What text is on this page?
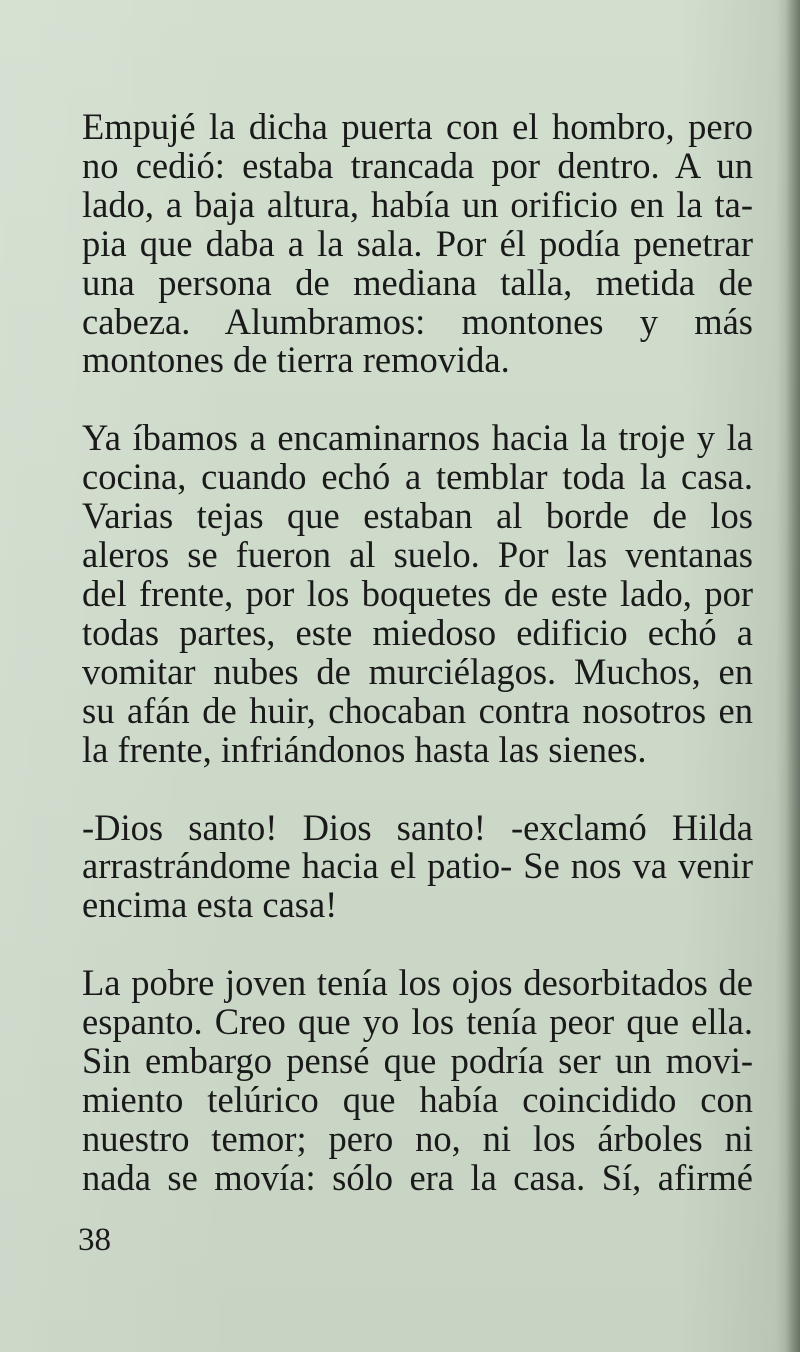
Empujé la dicha puerta con el hombro, pero
no cedió: estaba trancada por dentro. A un
lado, a baja altura, había un orificio en la ta-
pia que daba a la sala. Por él podía penetrar
una persona de mediana talla, metida de
cabeza. Alumbramos: montones y más
montones de tierra removida.

Ya íbamos a encaminarnos hacia la troje y la
cocina, cuando echó a temblar toda la casa.
Varias tejas que estaban al borde de los
aleros se fueron al suelo. Por las ventanas
del frente, por los boquetes de este lado, por
todas partes, este miedoso edificio echó a
vomitar nubes de murciélagos. Muchos, en
su afán de huir, chocaban contra nosotros en
la frente, infriándonos hasta las sienes.

-Dios santo! Dios santo! -exclamó Hilda
arrastrándome hacia el patio- Se nos va venir
encima esta casa!

La pobre joven tenía los ojos desorbitados de
espanto. Creo que yo los tenía peor que ella.
Sin embargo pensé que podría ser un movi-
miento telúrico que había coincidido con
nuestro temor; pero no, ni los árboles ni
nada se movía: sólo era la casa. Sí, afirmé

38
